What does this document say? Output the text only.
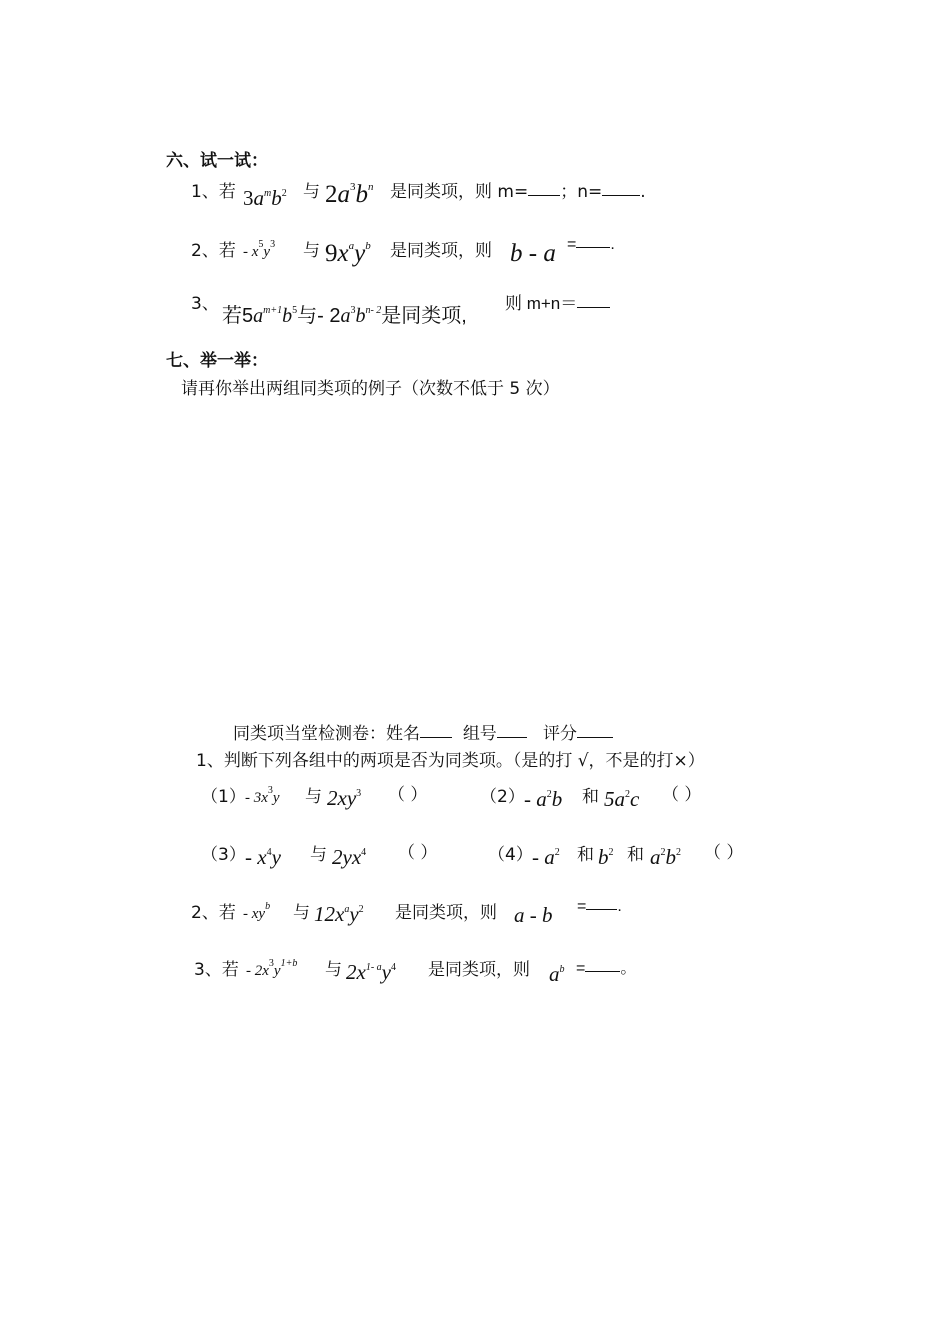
六、试一试：
1、若 $3a^mb^2$ 与 $2a^3b^n$ 是同类项，则 m= ；n= .
2、若 - $x^5y^3$ 与 $9x^ay^b$ 是同类项，则 b - a = .
3、
若$5a^{m+1}b^5$与- $2a^3b^{n- 2}$是同类项,
则 m+n＝
七、举一举：
请再你举出两组同类项的例子（次数不低于 5 次）
同类项当堂检测卷：姓名	组号	评分
1、判断下列各组中的两项是否为同类项。（是的打 √，不是的打×）
$(1) - 3x^3y$ 与 $2xy^3$ （ ）	$(2) - a^2b$ 和 $5a^2c$ （ ）
$(3) - x^4y$ 与 $2yx^4$ （ ）	$(4) - a^2$ 和 $b^2$ 和 $a^2b^2$ （ ）
2、若 - $xy^b$ 与 $12x^ay^2$ 是同类项，则 a - b = .
3、若 - $2x^3y^{1+b}$ 与 $2x^{1- a}y^4$ 是同类项，则 $a^b$ = 。
